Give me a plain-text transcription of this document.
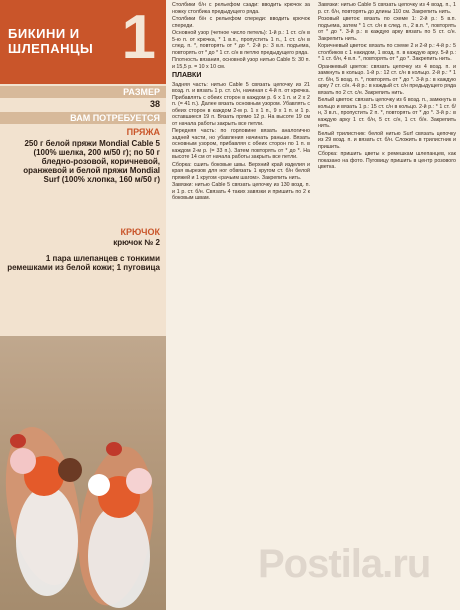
БИКИНИ И
ШЛЕПАНЦЫ 1
РАЗМЕР
38
ВАМ ПОТРЕБУЕТСЯ
ПРЯЖА
250 г белой пряжи Mondial Cable 5 (100% шелка, 200 м/50 г); по 50 г бледно-розовой, коричневой, оранжевой и белой пряжи Mondial Surf (100% хлопка, 160 м/50 г)
КРЮЧОК
крючок № 2
1 пара шлепанцев с тонкими ремешками из белой кожи; 1 пуговица

Столбики б/н с рельефом сзади: вводить крючок за ножку столбика предыдущего ряда.

Столбики б/н с рельефом спереди: вводить крючок спереди.

Основной узор (четное число петель): 1-й р.: 1 ст. с/н в 5-ю п. от крючка, * 1 в.п., пропустить 1 п., 1 ст. с/н в след. п. *, повторять от * до *. 2-й р.: 3 в.п. подъема, повторять от * до * 1 ст. с/н в петлю предыдущего ряда.

Плотность вязания, основной узор нитью Cable 5: 30 п. и 15,5 р. = 10 х 10 см.

ПЛАВКИ

Задняя часть: нитью Cable 5 связать цепочку из 21 возд. п. и вязать 1 р. ст. с/н, начиная с 4-й п. от крючка. Прибавлять с обеих сторон в каждом р. 6 х 1 п. и 2 х 2 п. (= 41 п.). Далее вязать основным узором. Убавлять с обеих сторон в каждом 2-м р. 1 х 1 п., 9 х 1 п. и 1 р. оставшиеся 19 п. Вязать прямо 12 р. На высоте 19 см от начала работы закрыть все петли.

Передняя часть: по горловине вязать аналогично задней части, но убавления начинать раньше. Вязать основным узором, прибавляя с обеих сторон по 1 п. в каждом 2-м р. (= 33 п.). Затем повторять от * до *. На высоте 14 см от начала работы закрыть все петли.

Сборка: сшить боковые швы. Верхний край изделия и края вырезов для ног обвязать 1 кругом ст. б/н белой пряжей и 1 кругом «рачьим шагом». Закрепить нить.

Завязки: нитью Cable 5 связать цепочку из 130 возд. п. и 1 р. ст. б/н. Связать 4 таких завязки и пришить по 2 к боковым швам.

Завязки: нитью Cable 5 связать цепочку из 4 возд. п., 1 р. ст. б/н, повторять до длины 110 см. Закрепить нить.

Розовый цветок: вязать по схеме 1: 2-й р.: 5 в.п. подъема, затем * 1 ст. с/н в след. п., 2 в.п. *, повторять от * до *. 3-й р.: в каждую арку вязать по 5 ст. с/н. Закрепить нить.

Коричневый цветок: вязать по схеме 2 и 2-й р.: 4-й р.: 5 столбиков с 1 накидом, 1 возд. п. в каждую арку. 5-й р.: * 1 ст. б/н, 4 в.п. *, повторять от * до *. Закрепить нить.

Оранжевый цветок: связать цепочку из 4 возд. п. и замкнуть в кольцо. 1-й р.: 12 ст. с/н в кольцо. 2-й р.: * 1 ст. б/н, 5 возд. п. *, повторять от * до *. 3-й р.: в каждую арку 7 ст. с/н. 4-й р.: в каждый ст. с/н предыдущего ряда вязать по 2 ст. с/н. Закрепить нить.

Белый цветок: связать цепочку из 6 возд. п., замкнуть в кольцо и вязать 1 р.: 15 ст. с/н в кольцо. 2-й р.: * 1 ст. б/н, 3 в.п., пропустить 2 п. *, повторять от * до *. 3-й р.: в каждую арку 1 ст. б/н, 5 ст. с/н, 1 ст. б/н. Закрепить нить.

Белый трилистник: белой нитью Surf связать цепочку из 29 возд. п. и вязать ст. б/н. Сложить в трилистник и пришить.

Сборка: пришить цветы к ремешкам шлепанцев, как показано на фото. Пуговицу пришить в центр розового цветка.

Postila.ru
